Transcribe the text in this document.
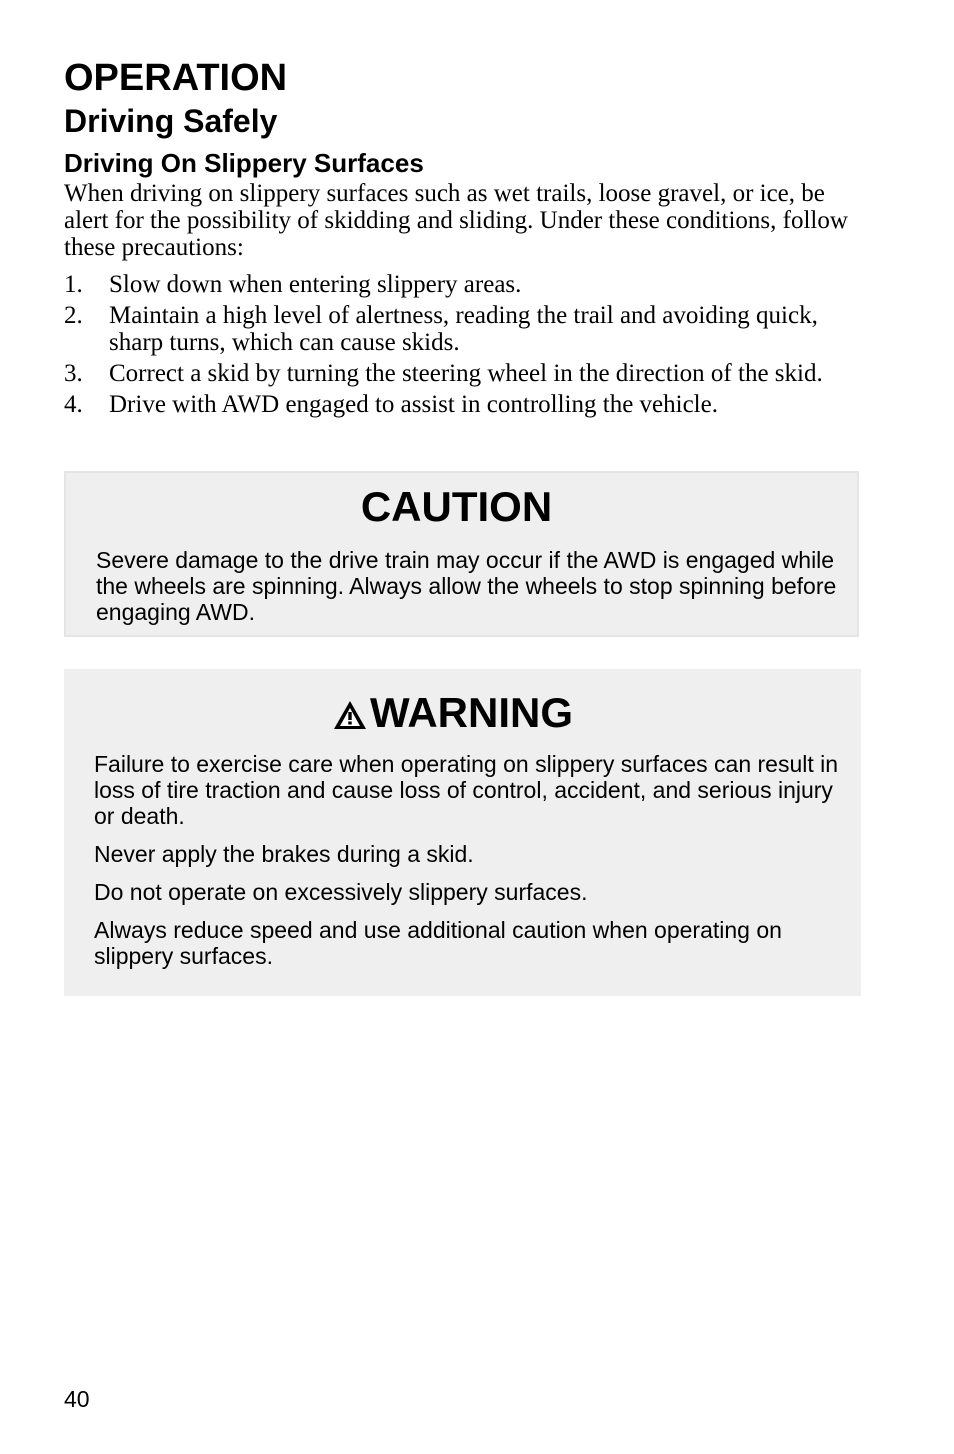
OPERATION
Driving Safely
Driving On Slippery Surfaces

When driving on slippery surfaces such as wet trails, loose gravel, or ice, be alert for the possibility of skidding and sliding. Under these conditions, follow these precautions:

1.	Slow down when entering slippery areas.
2.	Maintain a high level of alertness, reading the trail and avoiding quick, sharp turns, which can cause skids.
3.	Correct a skid by turning the steering wheel in the direction of the skid.
4.	Drive with AWD engaged to assist in controlling the vehicle.
CAUTION

Severe damage to the drive train may occur if the AWD is engaged while the wheels are spinning. Always allow the wheels to stop spinning before engaging AWD.

WARNING

Failure to exercise care when operating on slippery surfaces can result in loss of tire traction and cause loss of control, accident, and serious injury or death.

Never apply the brakes during a skid.

Do not operate on excessively slippery surfaces.

Always reduce speed and use additional caution when operating on slippery surfaces.

40
